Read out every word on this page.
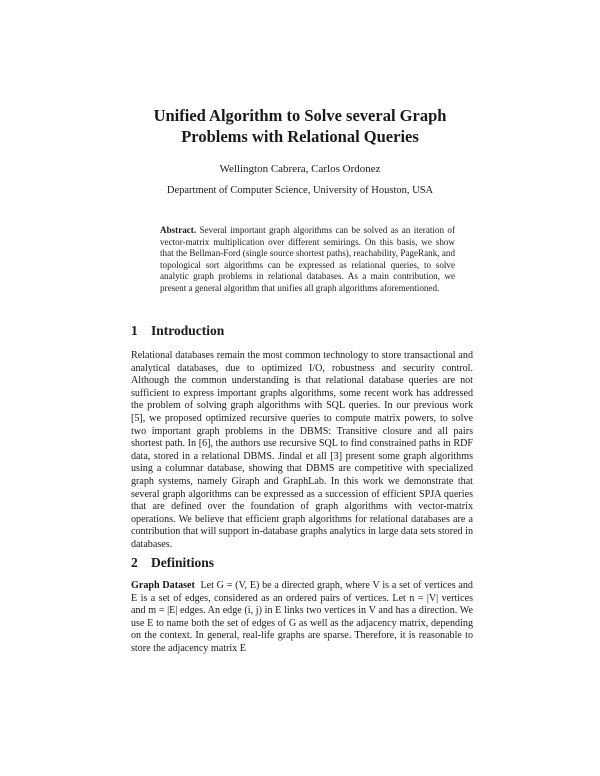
Unified Algorithm to Solve several Graph
Problems with Relational Queries
Wellington Cabrera, Carlos Ordonez
Department of Computer Science, University of Houston, USA
Abstract. Several important graph algorithms can be solved as an iteration of vector-matrix multiplication over different semirings. On this basis, we show that the Bellman-Ford (single source shortest paths), reachability, PageRank, and topological sort algorithms can be expressed as relational queries, to solve analytic graph problems in relational databases. As a main contribution, we present a general algorithm that unifies all graph algorithms aforementioned.
1 Introduction

Relational databases remain the most common technology to store transactional and analytical databases, due to optimized I/O, robustness and security control. Although the common understanding is that relational database queries are not sufficient to express important graphs algorithms, some recent work has addressed the problem of solving graph algorithms with SQL queries. In our previous work [5], we proposed optimized recursive queries to compute matrix powers, to solve two important graph problems in the DBMS: Transitive closure and all pairs shortest path. In [6], the authors use recursive SQL to find constrained paths in RDF data, stored in a relational DBMS. Jindal et all [3] present some graph algorithms using a columnar database, showing that DBMS are competitive with specialized graph systems, namely Giraph and GraphLab. In this work we demonstrate that several graph algorithms can be expressed as a succession of efficient SPJA queries that are defined over the foundation of graph algorithms with vector-matrix operations. We believe that efficient graph algorithms for relational databases are a contribution that will support in-database graphs analytics in large data sets stored in databases.

2 Definitions

Graph Dataset Let G = (V, E) be a directed graph, where V is a set of vertices and E is a set of edges, considered as an ordered pairs of vertices. Let n = |V| vertices and m = |E| edges. An edge (i, j) in E links two vertices in V and has a direction. We use E to name both the set of edges of G as well as the adjacency matrix, depending on the context. In general, real-life graphs are sparse. Therefore, it is reasonable to store the adjacency matrix E
